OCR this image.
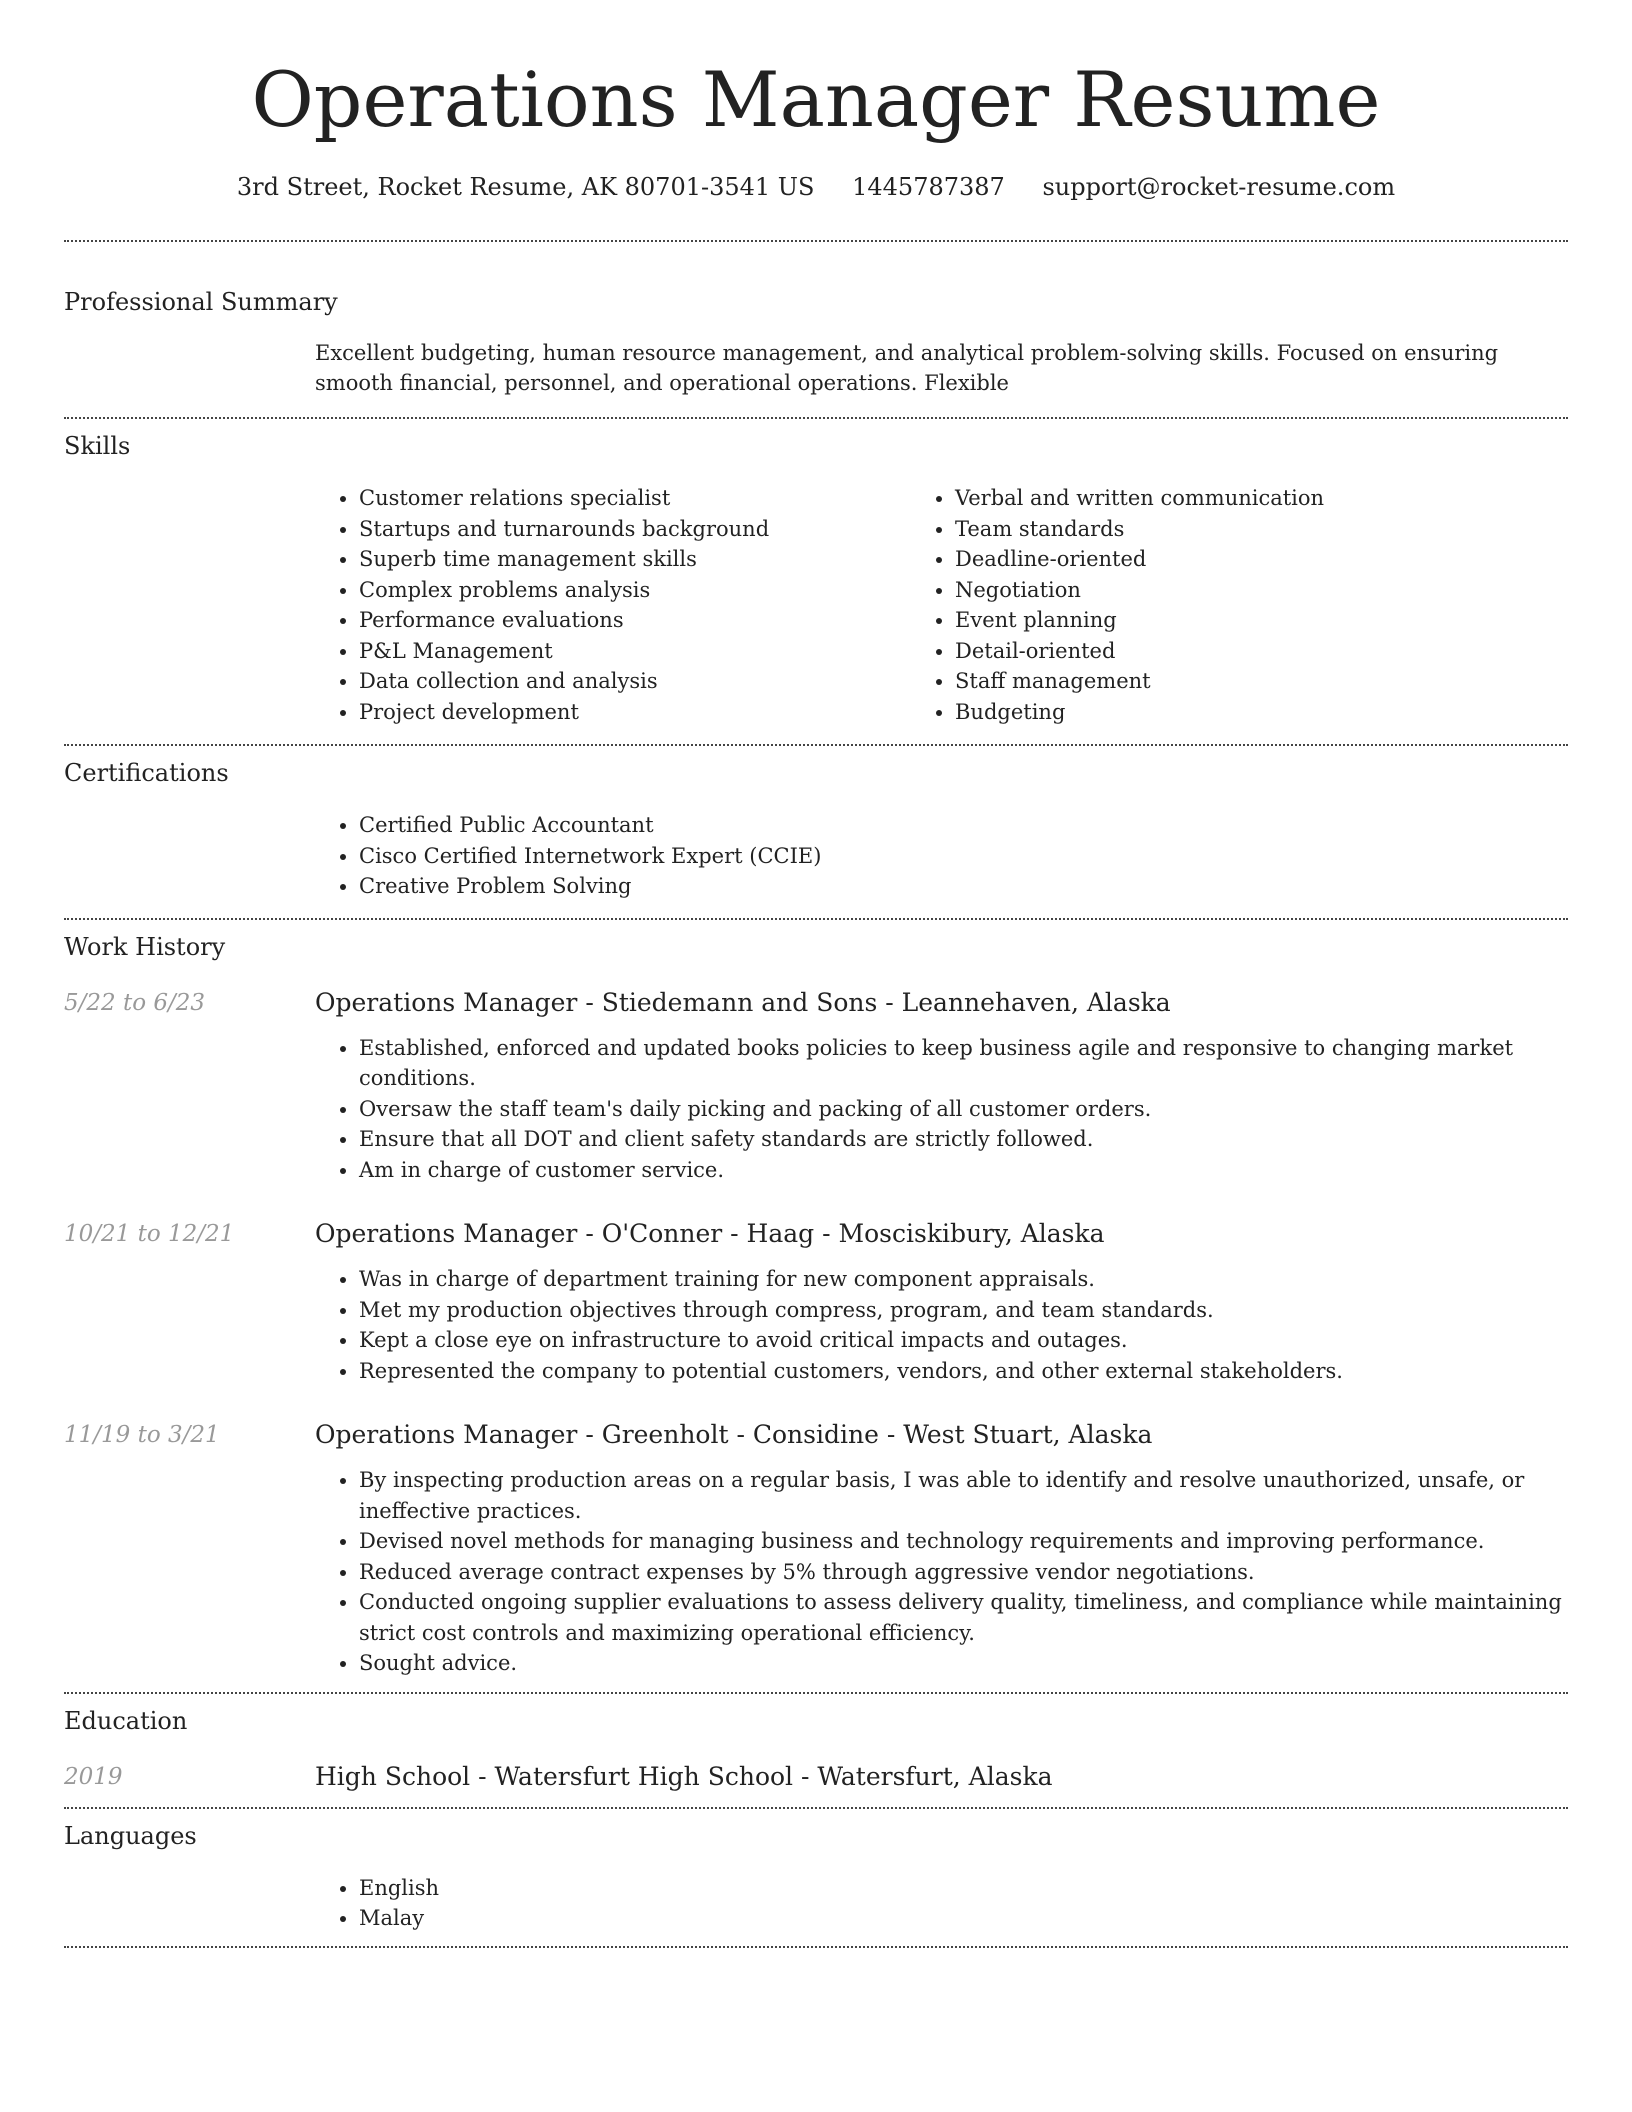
Operations Manager Resume
3rd Street, Rocket Resume, AK 80701-3541 US 1445787387 support@rocket-resume.com
Professional Summary
Excellent budgeting, human resource management, and analytical problem-solving skills. Focused on ensuring smooth financial, personnel, and operational operations. Flexible
Skills
• Customer relations specialist
• Startups and turnarounds background
• Superb time management skills
• Complex problems analysis
• Performance evaluations
• P&L Management
• Data collection and analysis
• Project development
• Verbal and written communication
• Team standards
• Deadline-oriented
• Negotiation
• Event planning
• Detail-oriented
• Staff management
• Budgeting
Certifications
• Certified Public Accountant
• Cisco Certified Internetwork Expert (CCIE)
• Creative Problem Solving
Work History
5/22 to 6/23	Operations Manager - Stiedemann and Sons - Leannehaven, Alaska
• Established, enforced and updated books policies to keep business agile and responsive to changing market conditions.
• Oversaw the staff team's daily picking and packing of all customer orders.
• Ensure that all DOT and client safety standards are strictly followed.
• Am in charge of customer service.
10/21 to 12/21	Operations Manager - O'Conner - Haag - Mosciskibury, Alaska
• Was in charge of department training for new component appraisals.
• Met my production objectives through compress, program, and team standards.
• Kept a close eye on infrastructure to avoid critical impacts and outages.
• Represented the company to potential customers, vendors, and other external stakeholders.
11/19 to 3/21	Operations Manager - Greenholt - Considine - West Stuart, Alaska
• By inspecting production areas on a regular basis, I was able to identify and resolve unauthorized, unsafe, or ineffective practices.
• Devised novel methods for managing business and technology requirements and improving performance.
• Reduced average contract expenses by 5% through aggressive vendor negotiations.
• Conducted ongoing supplier evaluations to assess delivery quality, timeliness, and compliance while maintaining strict cost controls and maximizing operational efficiency.
• Sought advice.
Education
2019	High School - Watersfurt High School - Watersfurt, Alaska
Languages
• English
• Malay
